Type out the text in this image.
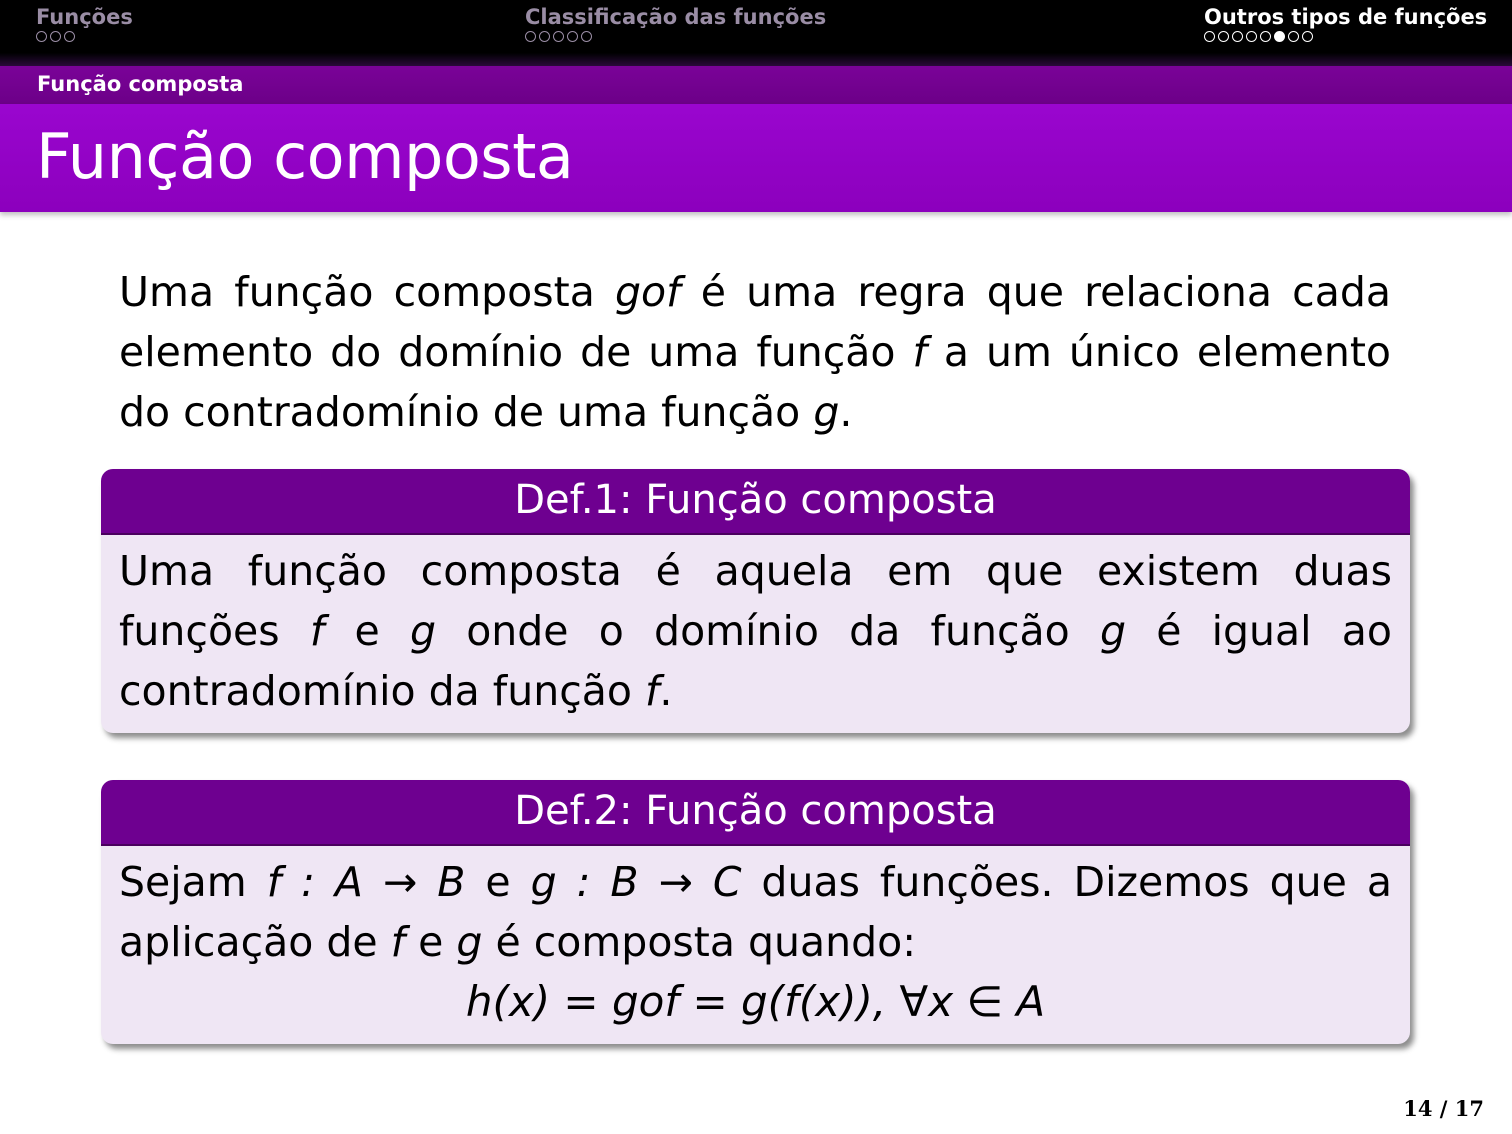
Funções	Classificação das funções	Outros tipos de funções
Função composta
Função composta
Uma função composta gof é uma regra que relaciona cada elemento do domínio de uma função f a um único elemento do contradomínio de uma função g.
Def.1: Função composta
Uma função composta é aquela em que existem duas funções f e g onde o domínio da função g é igual ao contradomínio da função f.
Def.2: Função composta
Sejam f : A → B e g : B → C duas funções. Dizemos que a aplicação de f e g é composta quando:
h(x) = gof = g(f(x)), ∀x ∈ A
14 / 17
